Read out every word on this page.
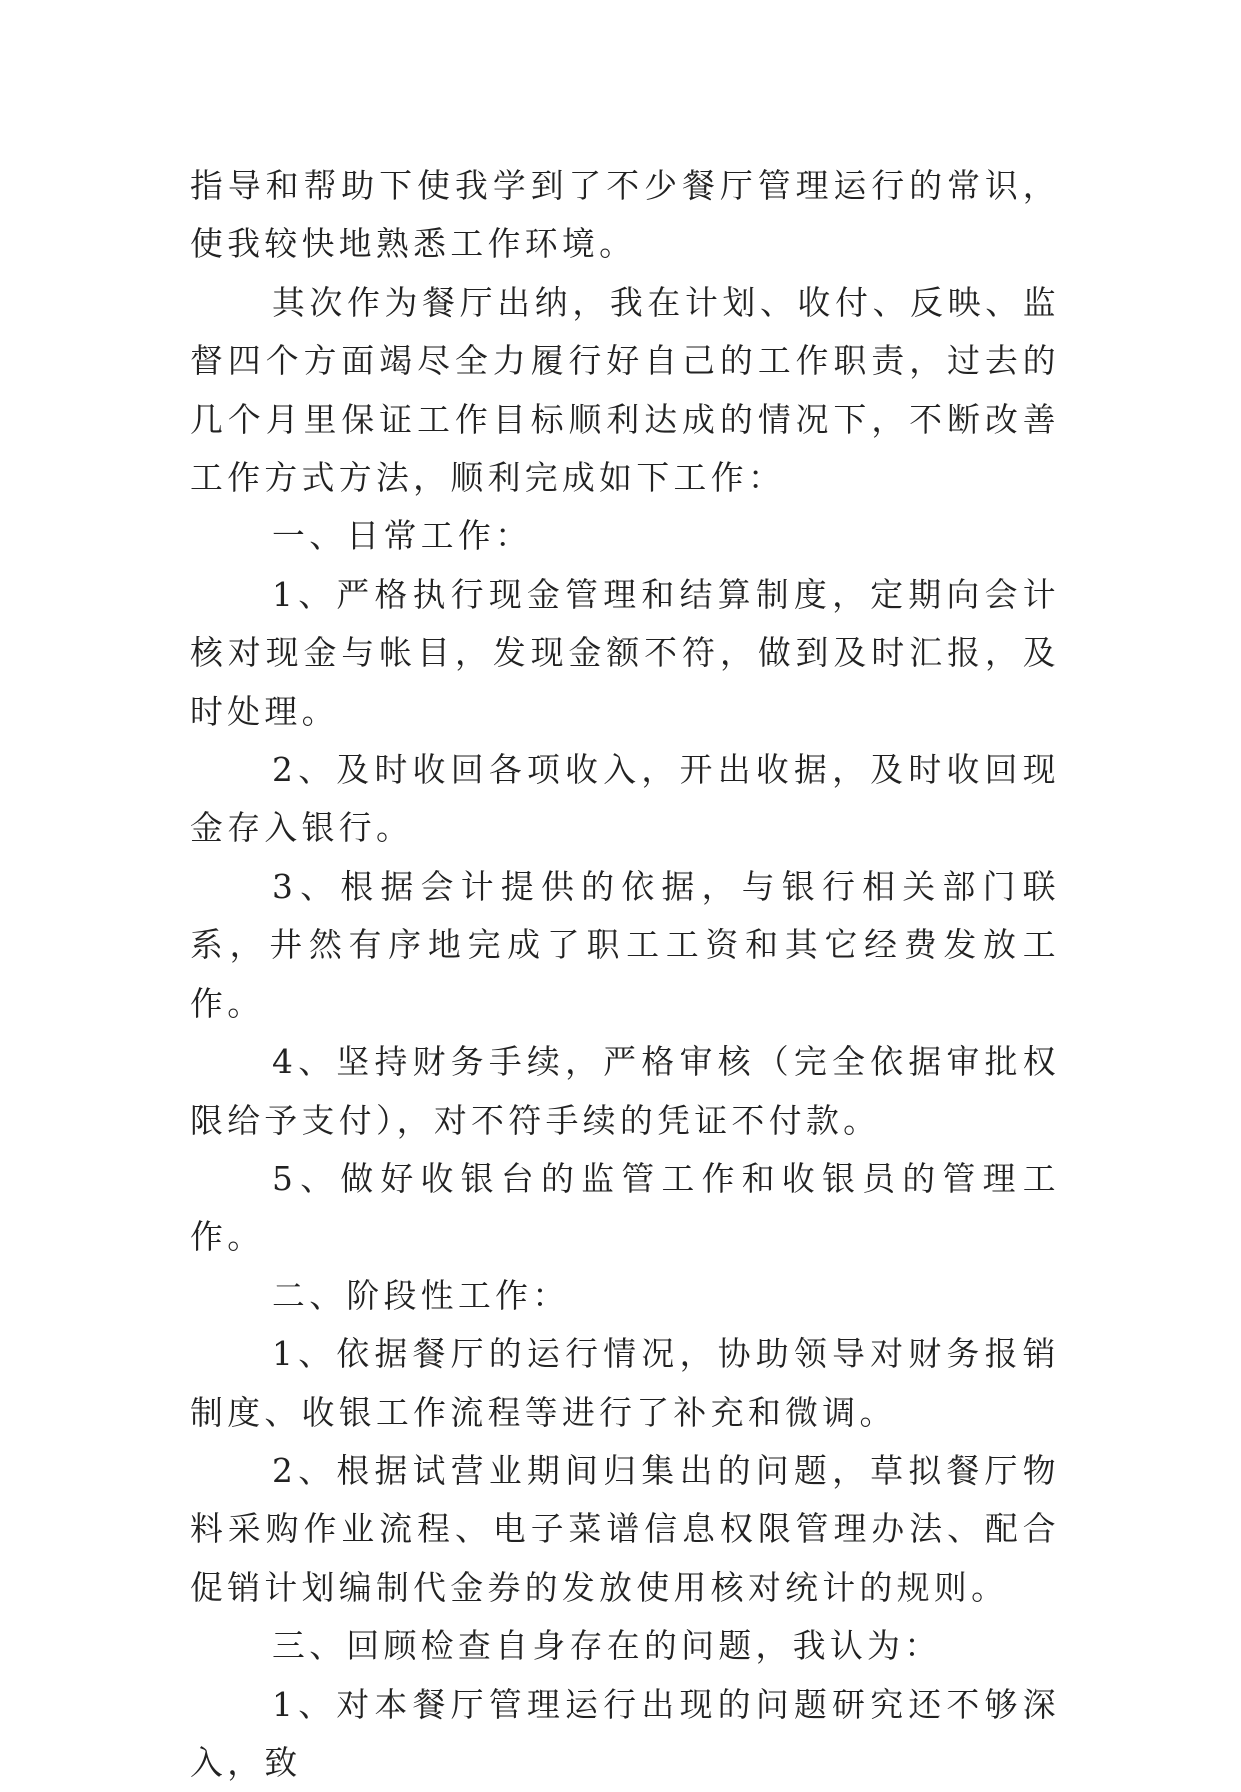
指导和帮助下使我学到了不少餐厅管理运行的常识，使我较快地熟悉工作环境。

其次作为餐厅出纳，我在计划、收付、反映、监督四个方面竭尽全力履行好自己的工作职责，过去的几个月里保证工作目标顺利达成的情况下，不断改善工作方式方法，顺利完成如下工作：

一、日常工作：

1、严格执行现金管理和结算制度，定期向会计核对现金与帐目，发现金额不符，做到及时汇报，及时处理。

2、及时收回各项收入，开出收据，及时收回现金存入银行。

3、根据会计提供的依据，与银行相关部门联系，井然有序地完成了职工工资和其它经费发放工作。

4、坚持财务手续，严格审核（完全依据审批权限给予支付），对不符手续的凭证不付款。

5、做好收银台的监管工作和收银员的管理工作。

二、阶段性工作：

1、依据餐厅的运行情况，协助领导对财务报销制度、收银工作流程等进行了补充和微调。

2、根据试营业期间归集出的问题，草拟餐厅物料采购作业流程、电子菜谱信息权限管理办法、配合促销计划编制代金券的发放使用核对统计的规则。

三、回顾检查自身存在的问题，我认为：

1、对本餐厅管理运行出现的问题研究还不够深入，致
